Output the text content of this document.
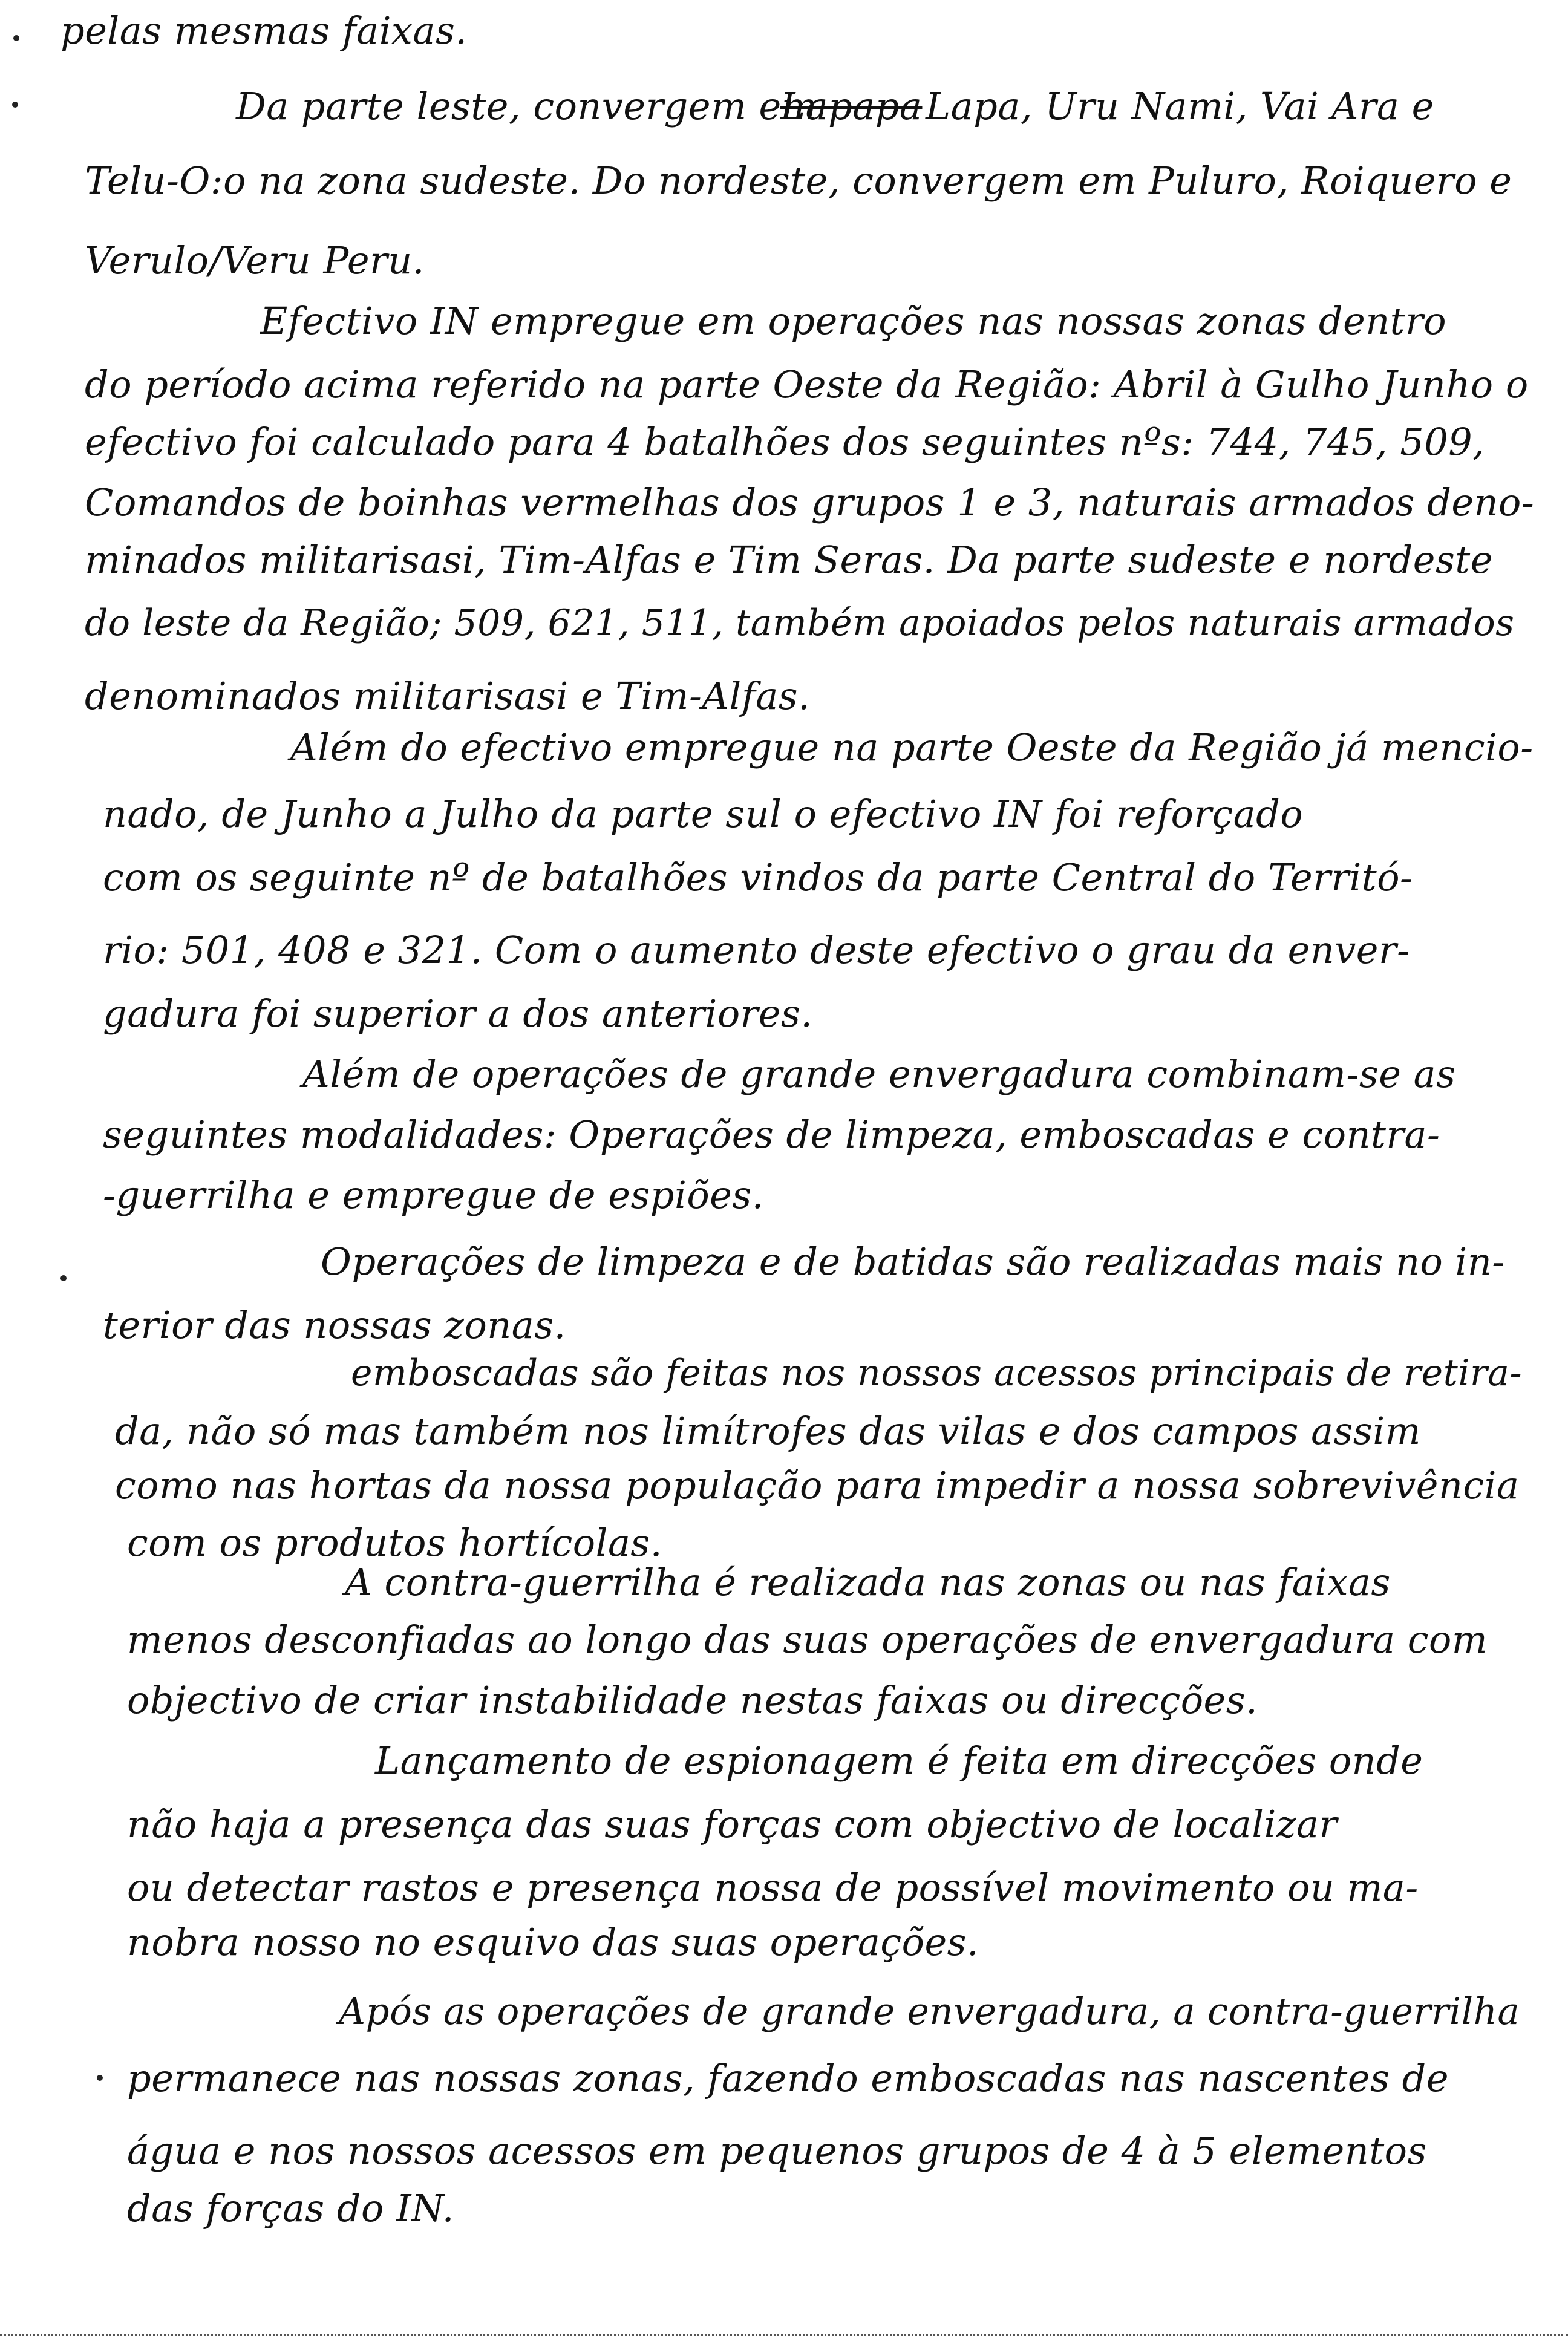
pelas mesmas faixas.
Da parte leste, convergem em
Lapapa Lapa, Uru Nami, Vai Ara e
Telu-O:o na zona sudeste. Do nordeste, convergem em Puluro, Roiquero e
Verulo/Veru Peru.
Efectivo IN empregue em operações nas nossas zonas dentro
do período acima referido na parte Oeste da Região: Abril à Gulho Junho o
efectivo foi calculado para 4 batalhões dos seguintes nºs: 744, 745, 509,
Comandos de boinhas vermelhas dos grupos 1 e 3, naturais armados deno-
minados militarisasi, Tim-Alfas e Tim Seras. Da parte sudeste e nordeste
do leste da Região; 509, 621, 511, também apoiados pelos naturais armados
denominados militarisasi e Tim-Alfas.
Além do efectivo empregue na parte Oeste da Região já mencio-
nado, de Junho a Julho da parte sul o efectivo IN foi reforçado
com os seguinte nº de batalhões vindos da parte Central do Territó-
rio: 501, 408 e 321. Com o aumento deste efectivo o grau da enver-
gadura foi superior a dos anteriores.
Além de operações de grande envergadura combinam-se as
seguintes modalidades: Operações de limpeza, emboscadas e contra-
-guerrilha e empregue de espiões.
Operações de limpeza e de batidas são realizadas mais no in-
terior das nossas zonas.
emboscadas são feitas nos nossos acessos principais de retira-
da, não só mas também nos limítrofes das vilas e dos campos assim
como nas hortas da nossa população para impedir a nossa sobrevivência
com os produtos hortícolas.
A contra-guerrilha é realizada nas zonas ou nas faixas
menos desconfiadas ao longo das suas operações de envergadura com
objectivo de criar instabilidade nestas faixas ou direcções.
Lançamento de espionagem é feita em direcções onde
não haja a presença das suas forças com objectivo de localizar
ou detectar rastos e presença nossa de possível movimento ou ma-
nobra nosso no esquivo das suas operações.
Após as operações de grande envergadura, a contra-guerrilha
permanece nas nossas zonas, fazendo emboscadas nas nascentes de
água e nos nossos acessos em pequenos grupos de 4 à 5 elementos
das forças do IN.
